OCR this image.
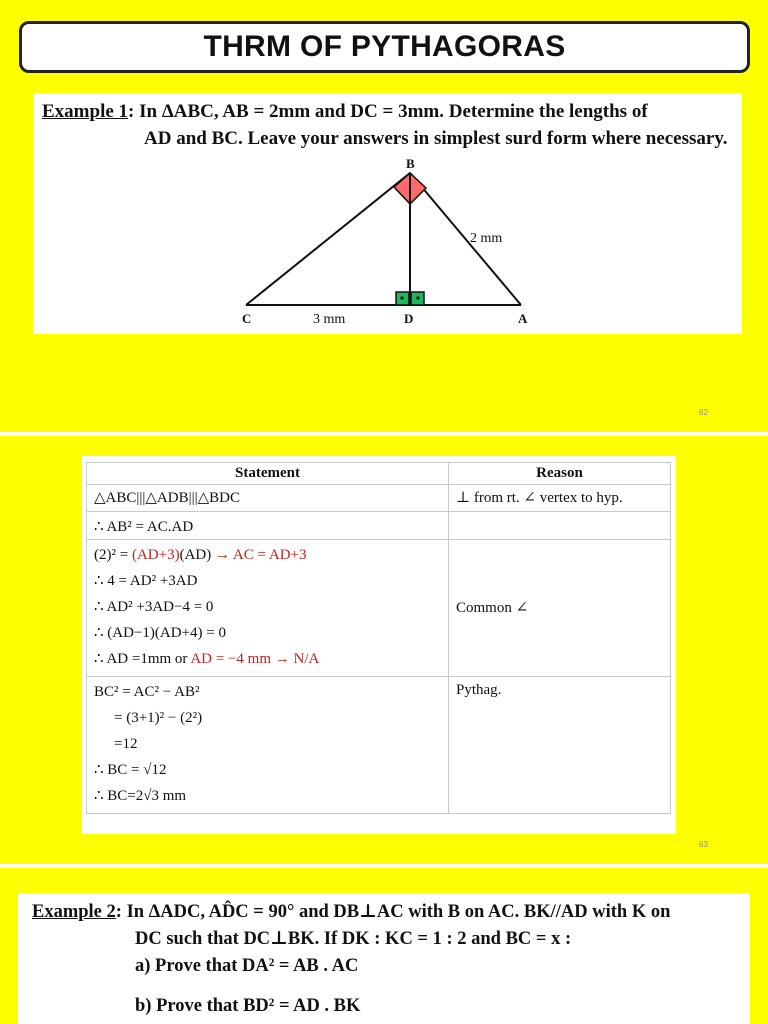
THRM OF PYTHAGORAS
Example 1: In ΔABC, AB = 2mm and DC = 3mm. Determine the lengths of
AD and BC. Leave your answers in simplest surd form where necessary.
B
C	D	A
2 mm
3 mm
62
Statement	Reason

△ABC|||△ADB|||△BDC	⊥ from rt. ∠ vertex to hyp.

∴ AB² = AC.AD	

(2)² = (AD+3)(AD) → AC = AD+3
∴ 4 = AD² +3AD
∴ AD² +3AD−4 = 0
∴ (AD−1)(AD+4) = 0
∴ AD =1mm or AD = −4 mm → N/A	Common ∠

BC² = AC² − AB²
= (3+1)² − (2²)
=12
∴ BC = √12
∴ BC=2√3 mm	Pythag.
63
Example 2: In ΔADC, AD̂C = 90° and DB⊥AC with B on AC. BK//AD with K on
DC such that DC⊥BK. If DK : KC = 1 : 2 and BC = x :
a) Prove that DA² = AB . AC
b) Prove that BD² = AD . BK
